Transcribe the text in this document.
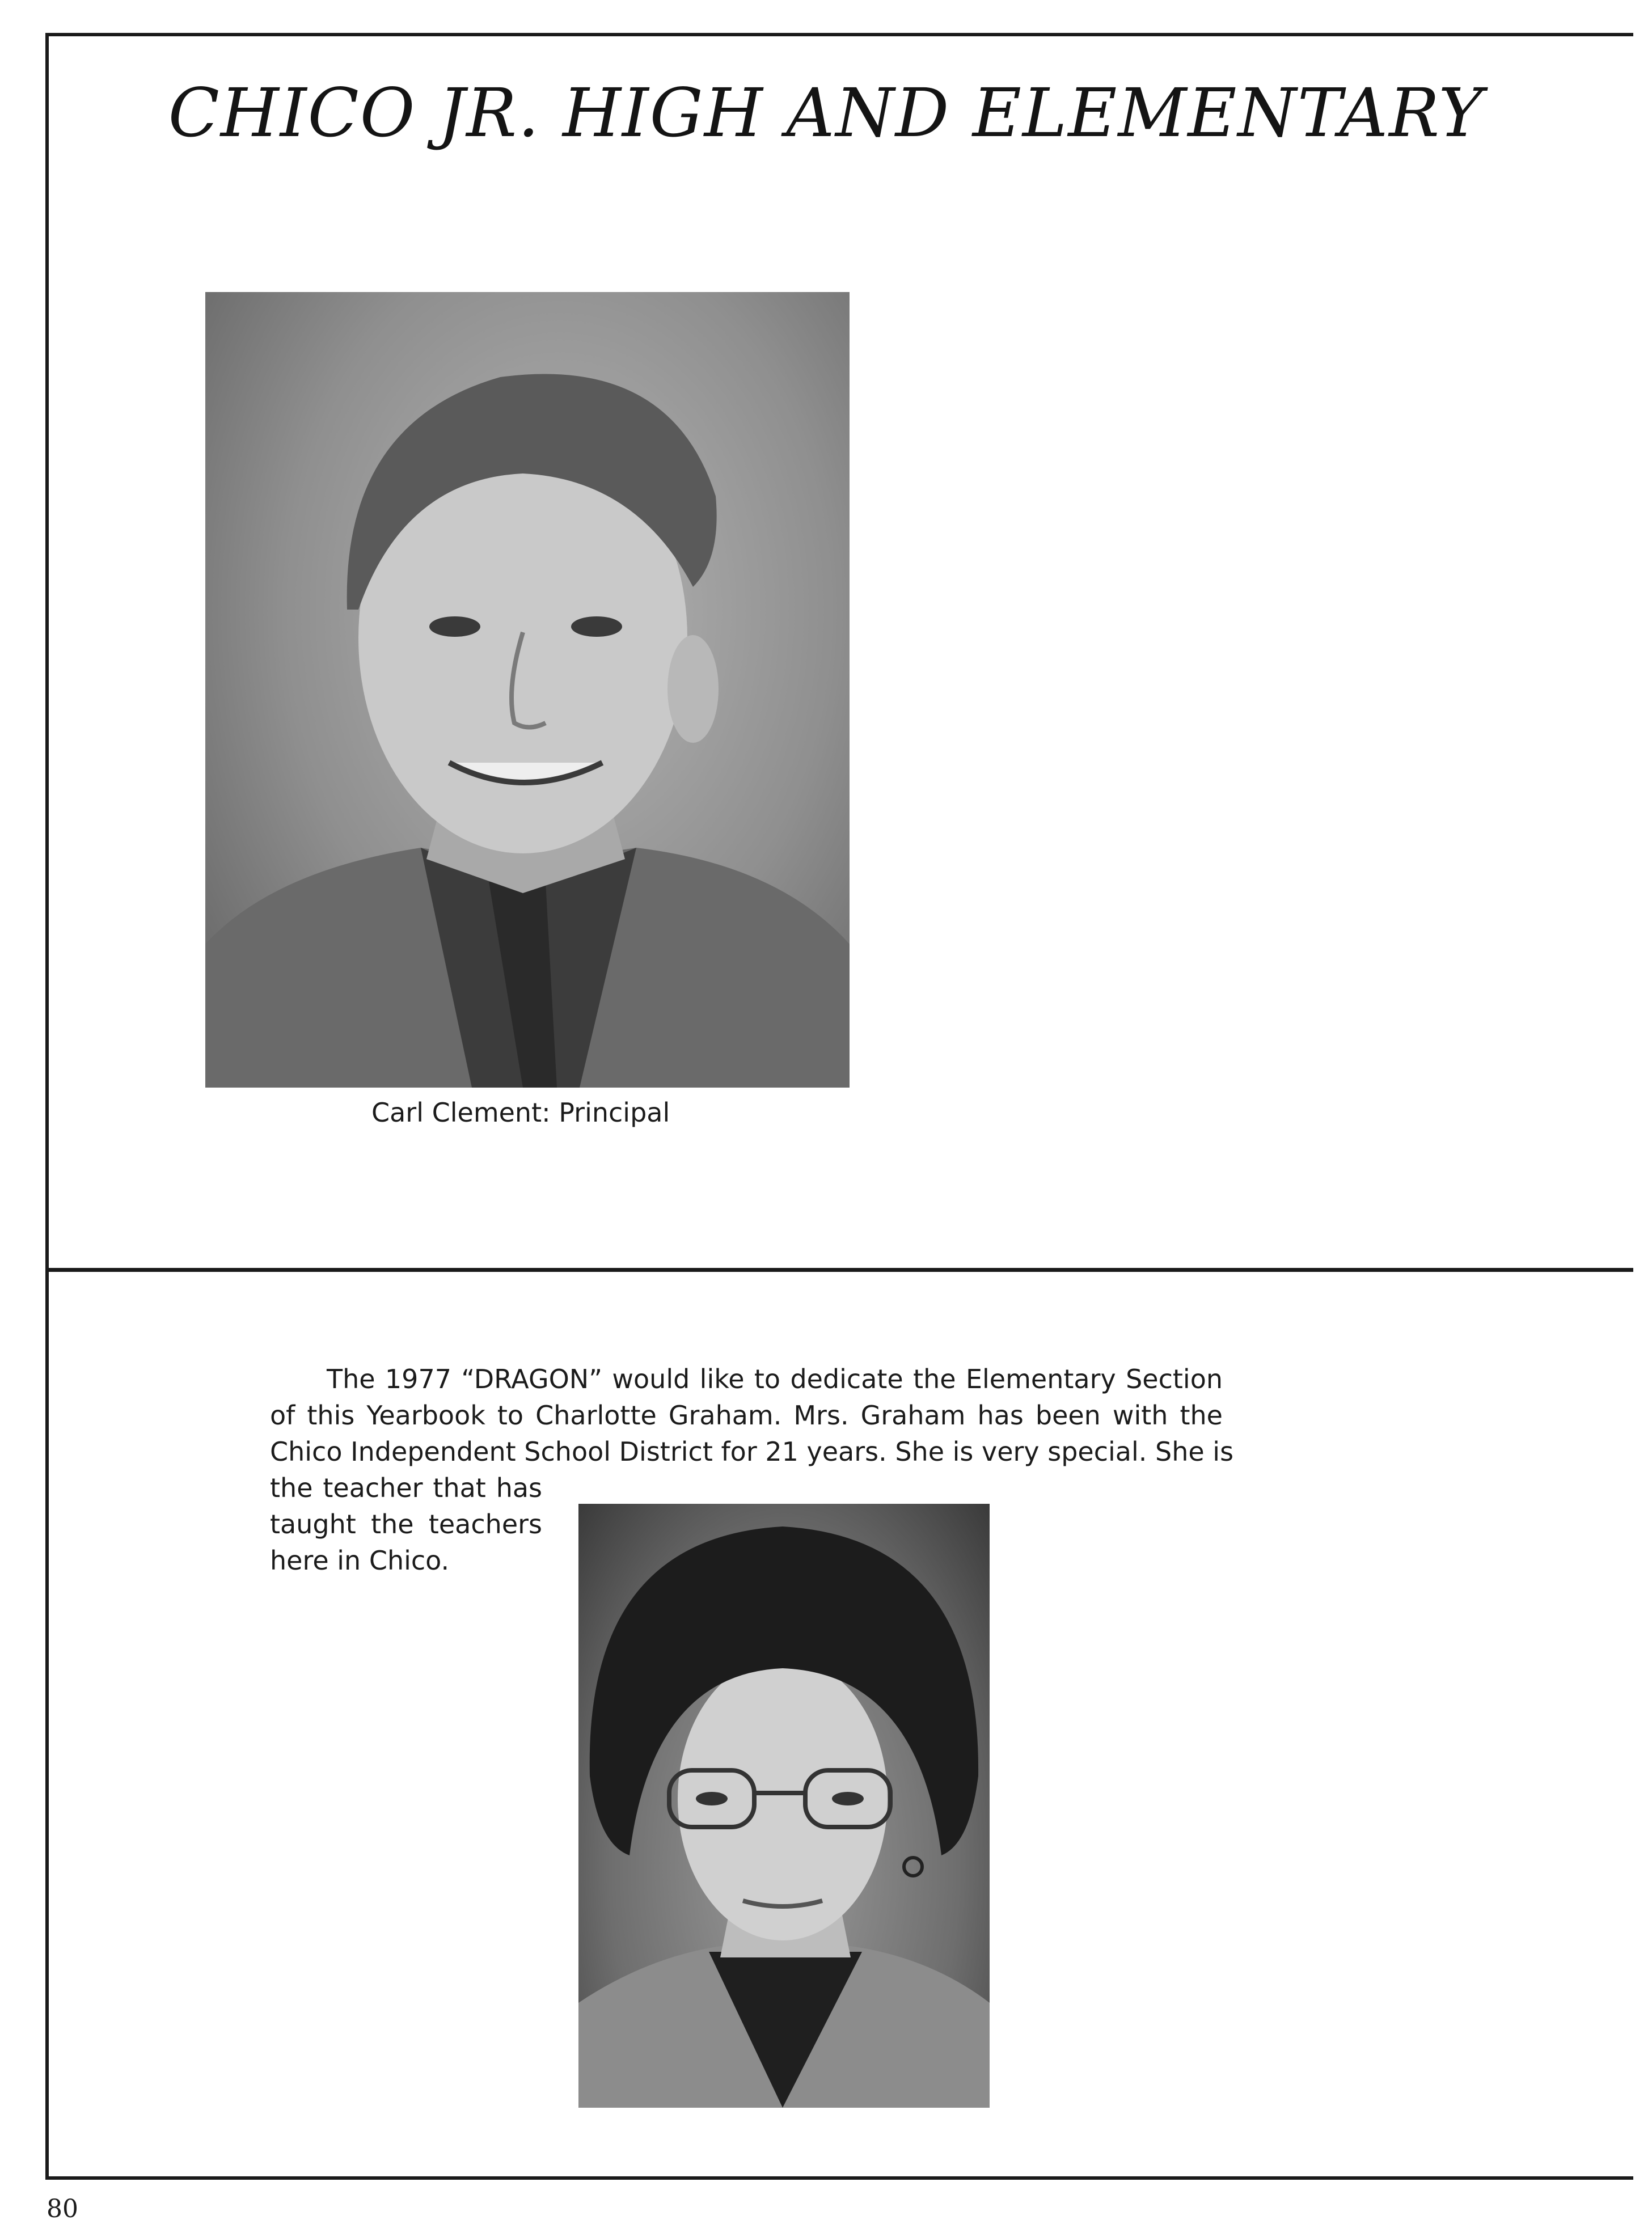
CHICO JR. HIGH AND ELEMENTARY
Carl Clement: Principal
The 1977 “DRAGON” would like to dedicate the Elementary Section
of this Yearbook to Charlotte Graham. Mrs. Graham has been with the
Chico Independent School District for 21 years. She is very special. She is
the teacher that has
taught the teachers
here in Chico.
80
